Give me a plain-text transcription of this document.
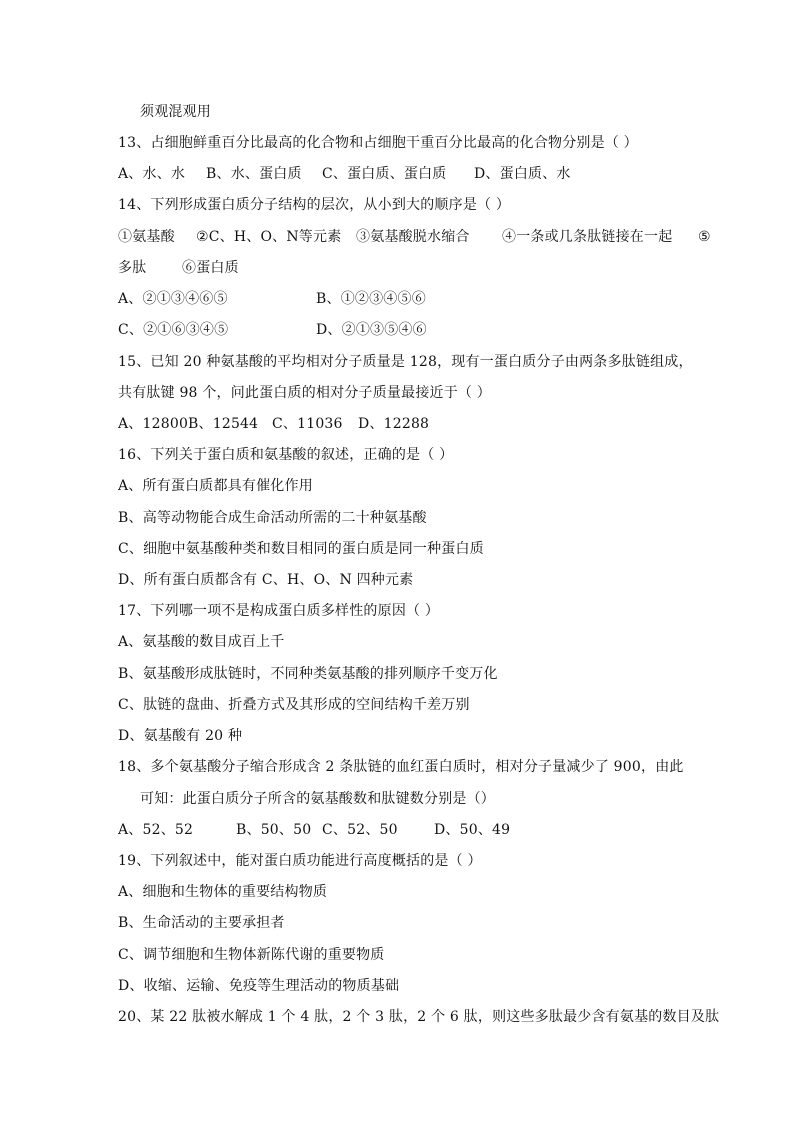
须观混观用
13、占细胞鲜重百分比最高的化合物和占细胞干重百分比最高的化合物分别是（ ）
A、水、水 B、水、蛋白质 C、蛋白质、蛋白质 D、蛋白质、水
14、下列形成蛋白质分子结构的层次，从小到大的顺序是（ ）
①氨基酸 ②C、H、O、N等元素 ③氨基酸脱水缩合 ④一条或几条肽链接在一起 ⑤
多肽	⑥蛋白质
A、②①③④⑥⑤	B、①②③④⑤⑥
C、②①⑥③④⑤	D、②①③⑤④⑥
15、已知 20 种氨基酸的平均相对分子质量是 128，现有一蛋白质分子由两条多肽链组成，
共有肽键 98 个，问此蛋白质的相对分子质量最接近于（ ）
A、12800B、12544 C、11036 D、12288
16、下列关于蛋白质和氨基酸的叙述，正确的是（ ）
A、所有蛋白质都具有催化作用
B、高等动物能合成生命活动所需的二十种氨基酸
C、细胞中氨基酸种类和数目相同的蛋白质是同一种蛋白质
D、所有蛋白质都含有 C、H、O、N 四种元素
17、下列哪一项不是构成蛋白质多样性的原因（ ）
A、氨基酸的数目成百上千
B、氨基酸形成肽链时，不同种类氨基酸的排列顺序千变万化
C、肽链的盘曲、折叠方式及其形成的空间结构千差万别
D、氨基酸有 20 种
18、多个氨基酸分子缩合形成含 2 条肽链的血红蛋白质时，相对分子量减少了 900，由此
可知：此蛋白质分子所含的氨基酸数和肽键数分别是（）
A、52、52	B、50、50 C、52、50	D、50、49
19、下列叙述中，能对蛋白质功能进行高度概括的是（ ）
A、细胞和生物体的重要结构物质
B、生命活动的主要承担者
C、调节细胞和生物体新陈代谢的重要物质
D、收缩、运输、免疫等生理活动的物质基础
20、某 22 肽被水解成 1 个 4 肽，2 个 3 肽，2 个 6 肽，则这些多肽最少含有氨基的数目及肽
